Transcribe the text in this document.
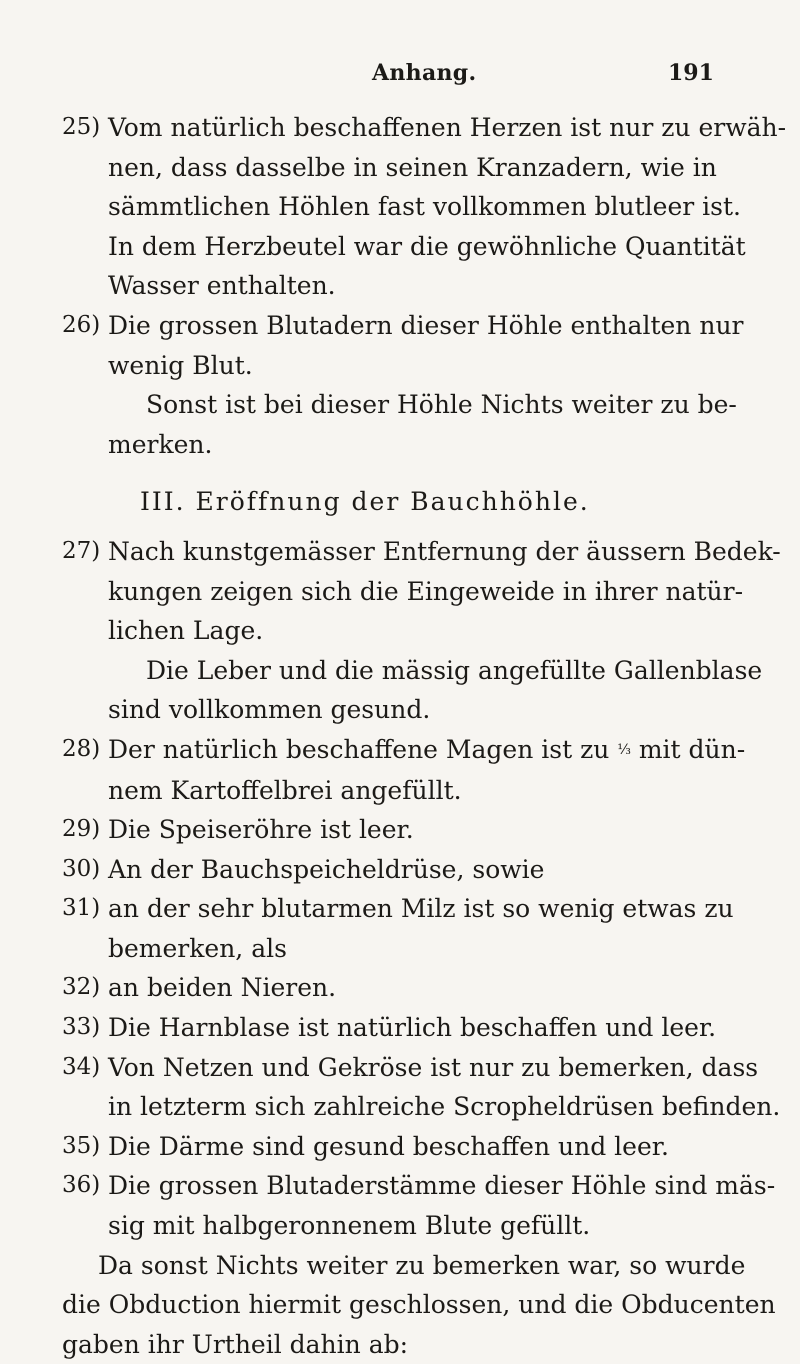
Anhang.	191
25) Vom natürlich beschaffenen Herzen ist nur zu erwäh-
nen, dass dasselbe in seinen Kranzadern, wie in
sämmtlichen Höhlen fast vollkommen blutleer ist.
In dem Herzbeutel war die gewöhnliche Quantität
Wasser enthalten.
26) Die grossen Blutadern dieser Höhle enthalten nur
wenig Blut.
Sonst ist bei dieser Höhle Nichts weiter zu be-
merken.
III. Eröffnung der Bauchhöhle.
27) Nach kunstgemässer Entfernung der äussern Bedek-
kungen zeigen sich die Eingeweide in ihrer natür-
lichen Lage.
Die Leber und die mässig angefüllte Gallenblase
sind vollkommen gesund.
28) Der natürlich beschaffene Magen ist zu ⅓ mit dün-
nem Kartoffelbrei angefüllt.
29) Die Speiseröhre ist leer.
30) An der Bauchspeicheldrüse, sowie
31) an der sehr blutarmen Milz ist so wenig etwas zu
bemerken, als
32) an beiden Nieren.
33) Die Harnblase ist natürlich beschaffen und leer.
34) Von Netzen und Gekröse ist nur zu bemerken, dass
in letzterm sich zahlreiche Scropheldrüsen befinden.
35) Die Därme sind gesund beschaffen und leer.
36) Die grossen Blutaderstämme dieser Höhle sind mäs-
sig mit halbgeronnenem Blute gefüllt.
Da sonst Nichts weiter zu bemerken war, so wurde
die Obduction hiermit geschlossen, und die Obducenten
gaben ihr Urtheil dahin ab:
